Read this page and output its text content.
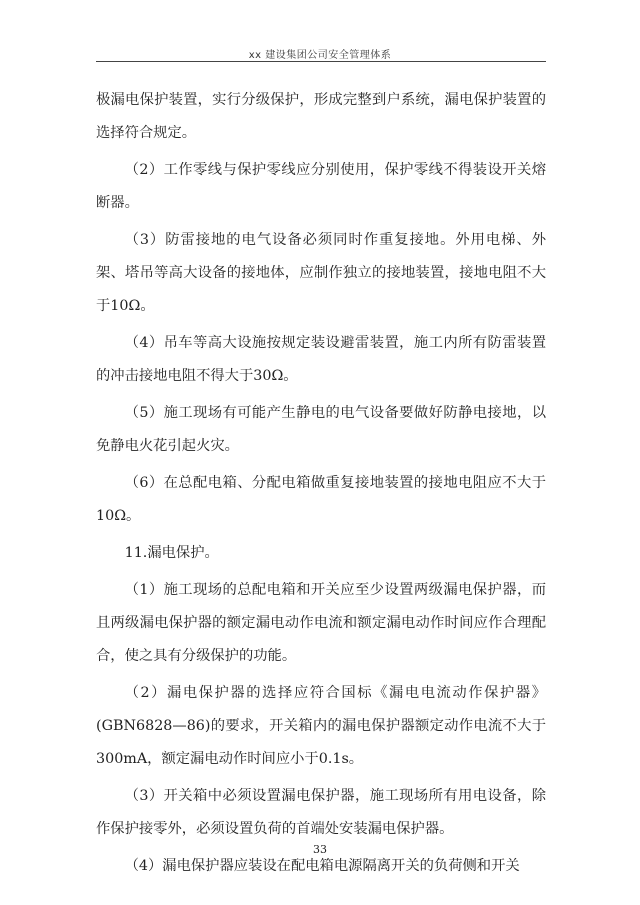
xx 建设集团公司安全管理体系

极漏电保护装置，实行分级保护，形成完整到户系统，漏电保护装置的选择符合规定。

（2）工作零线与保护零线应分别使用，保护零线不得装设开关熔断器。

（3）防雷接地的电气设备必须同时作重复接地。外用电梯、外架、塔吊等高大设备的接地体，应制作独立的接地装置，接地电阻不大于10Ω。

（4）吊车等高大设施按规定装设避雷装置，施工内所有防雷装置的冲击接地电阻不得大于30Ω。

（5）施工现场有可能产生静电的电气设备要做好防静电接地，以免静电火花引起火灾。

（6）在总配电箱、分配电箱做重复接地装置的接地电阻应不大于10Ω。

11.漏电保护。

（1）施工现场的总配电箱和开关应至少设置两级漏电保护器，而且两级漏电保护器的额定漏电动作电流和额定漏电动作时间应作合理配合，使之具有分级保护的功能。

（2）漏电保护器的选择应符合国标《漏电电流动作保护器》(GBN6828—86)的要求，开关箱内的漏电保护器额定动作电流不大于300mA，额定漏电动作时间应小于0.1s。

（3）开关箱中必须设置漏电保护器，施工现场所有用电设备，除作保护接零外，必须设置负荷的首端处安装漏电保护器。

（4）漏电保护器应装设在配电箱电源隔离开关的负荷侧和开关

33
